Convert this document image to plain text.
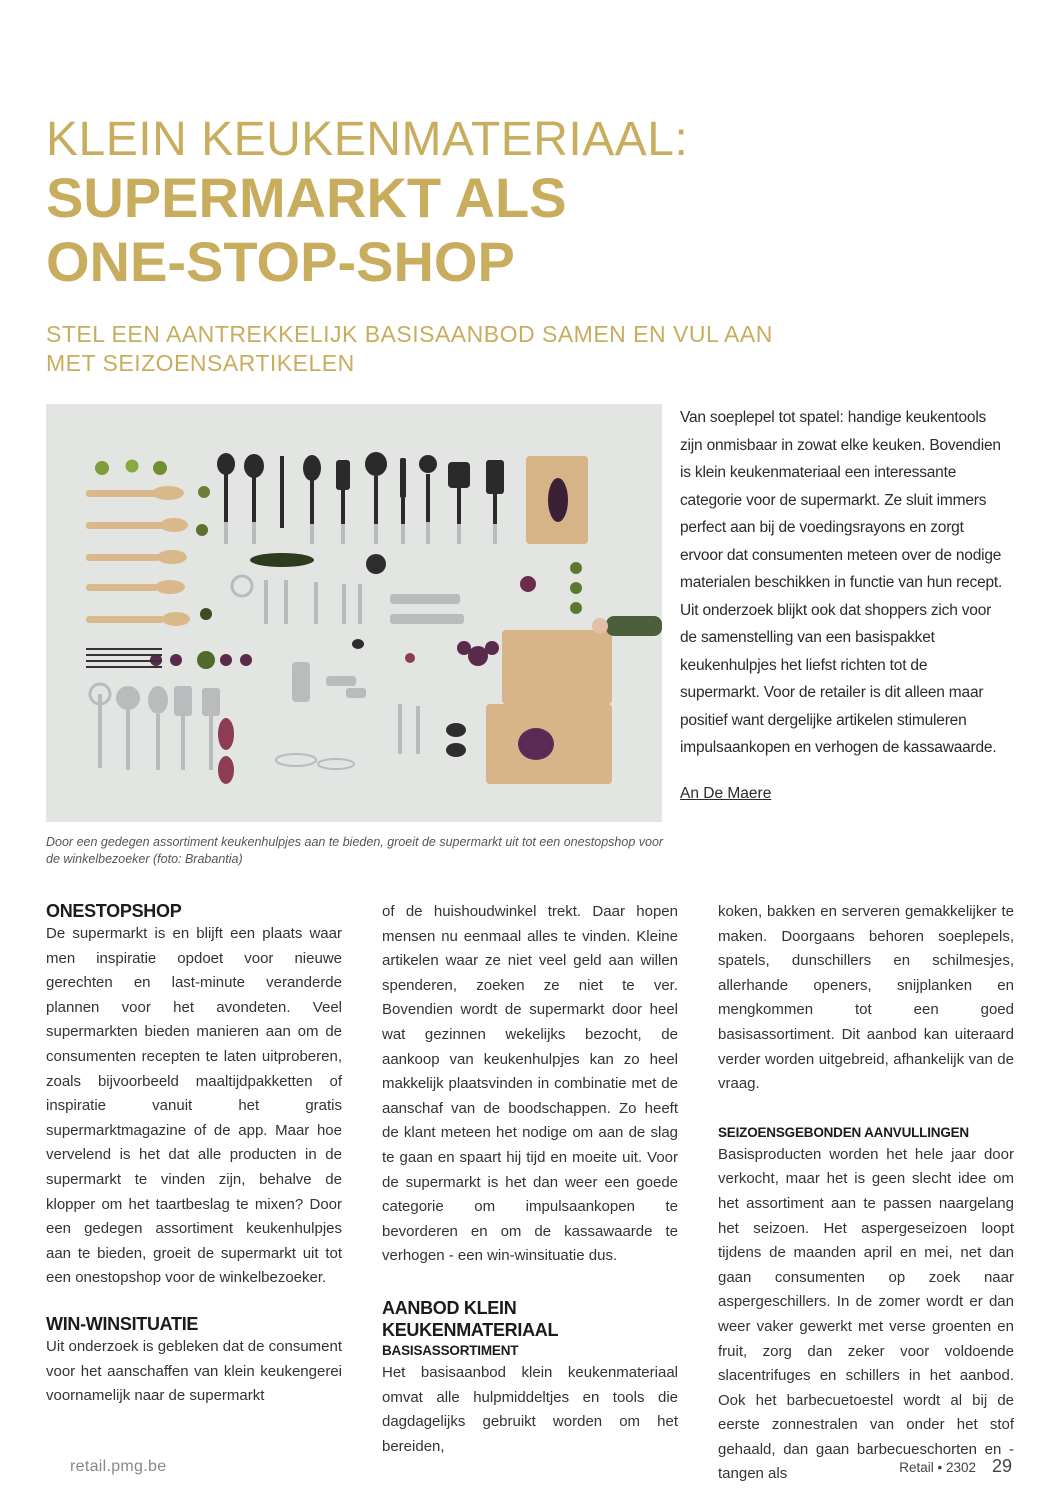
KLEIN KEUKENMATERIAAL:
SUPERMARKT ALS
ONE-STOP-SHOP
STEL EEN AANTREKKELIJK BASISAANBOD SAMEN EN VUL AAN
MET SEIZOENSARTIKELEN
Door een gedegen assortiment keukenhulpjes aan te bieden, groeit de supermarkt uit tot een onestopshop voor de winkelbezoeker (foto: Brabantia)
Van soeplepel tot spatel: handige keukentools zijn onmisbaar in zowat elke keuken. Bovendien is klein keukenmateriaal een interessante categorie voor de supermarkt. Ze sluit immers perfect aan bij de voedingsrayons en zorgt ervoor dat consumenten meteen over de nodige materialen beschikken in functie van hun recept. Uit onderzoek blijkt ook dat shoppers zich voor de samenstelling van een basispakket keukenhulpjes het liefst richten tot de supermarkt. Voor de retailer is dit alleen maar positief want dergelijke artikelen stimuleren impulsaankopen en verhogen de kassawaarde.
An De Maere
ONESTOPSHOP

De supermarkt is en blijft een plaats waar men inspiratie opdoet voor nieuwe gerechten en last-minute veranderde plannen voor het avondeten. Veel supermarkten bieden manieren aan om de consumenten recepten te laten uitproberen, zoals bijvoorbeeld maaltijdpakketten of inspiratie vanuit het gratis supermarktmagazine of de app. Maar hoe vervelend is het dat alle producten in de supermarkt te vinden zijn, behalve de klopper om het taartbeslag te mixen? Door een gedegen assortiment keukenhulpjes aan te bieden, groeit de supermarkt uit tot een onestopshop voor de winkelbezoeker.

WIN-WINSITUATIE

Uit onderzoek is gebleken dat de consument voor het aanschaffen van klein keukengerei voornamelijk naar de supermarkt

of de huishoudwinkel trekt. Daar hopen mensen nu eenmaal alles te vinden. Kleine artikelen waar ze niet veel geld aan willen spenderen, zoeken ze niet te ver. Bovendien wordt de supermarkt door heel wat gezinnen wekelijks bezocht, de aankoop van keukenhulpjes kan zo heel makkelijk plaatsvinden in combinatie met de aanschaf van de boodschappen. Zo heeft de klant meteen het nodige om aan de slag te gaan en spaart hij tijd en moeite uit. Voor de supermarkt is het dan weer een goede categorie om impulsaankopen te bevorderen en om de kassawaarde te verhogen - een win-winsituatie dus.

AANBOD KLEIN
KEUKENMATERIAAL
BASISASSORTIMENT

Het basisaanbod klein keukenmateriaal omvat alle hulpmiddeltjes en tools die dagdagelijks gebruikt worden om het bereiden,

koken, bakken en serveren gemakkelijker te maken. Doorgaans behoren soeplepels, spatels, dunschillers en schilmesjes, allerhande openers, snijplanken en mengkommen tot een goed basisassortiment. Dit aanbod kan uiteraard verder worden uitgebreid, afhankelijk van de vraag.

SEIZOENSGEBONDEN AANVULLINGEN

Basisproducten worden het hele jaar door verkocht, maar het is geen slecht idee om het assortiment aan te passen naargelang het seizoen. Het aspergeseizoen loopt tijdens de maanden april en mei, net dan gaan consumenten op zoek naar aspergeschillers. In de zomer wordt er dan weer vaker gewerkt met verse groenten en fruit, zorg dan zeker voor voldoende slacentrifuges en schillers in het aanbod. Ook het barbecuetoestel wordt al bij de eerste zonnestralen van onder het stof gehaald, dan gaan barbecueschorten en -tangen als

retail.pmg.be	Retail • 2302 29
